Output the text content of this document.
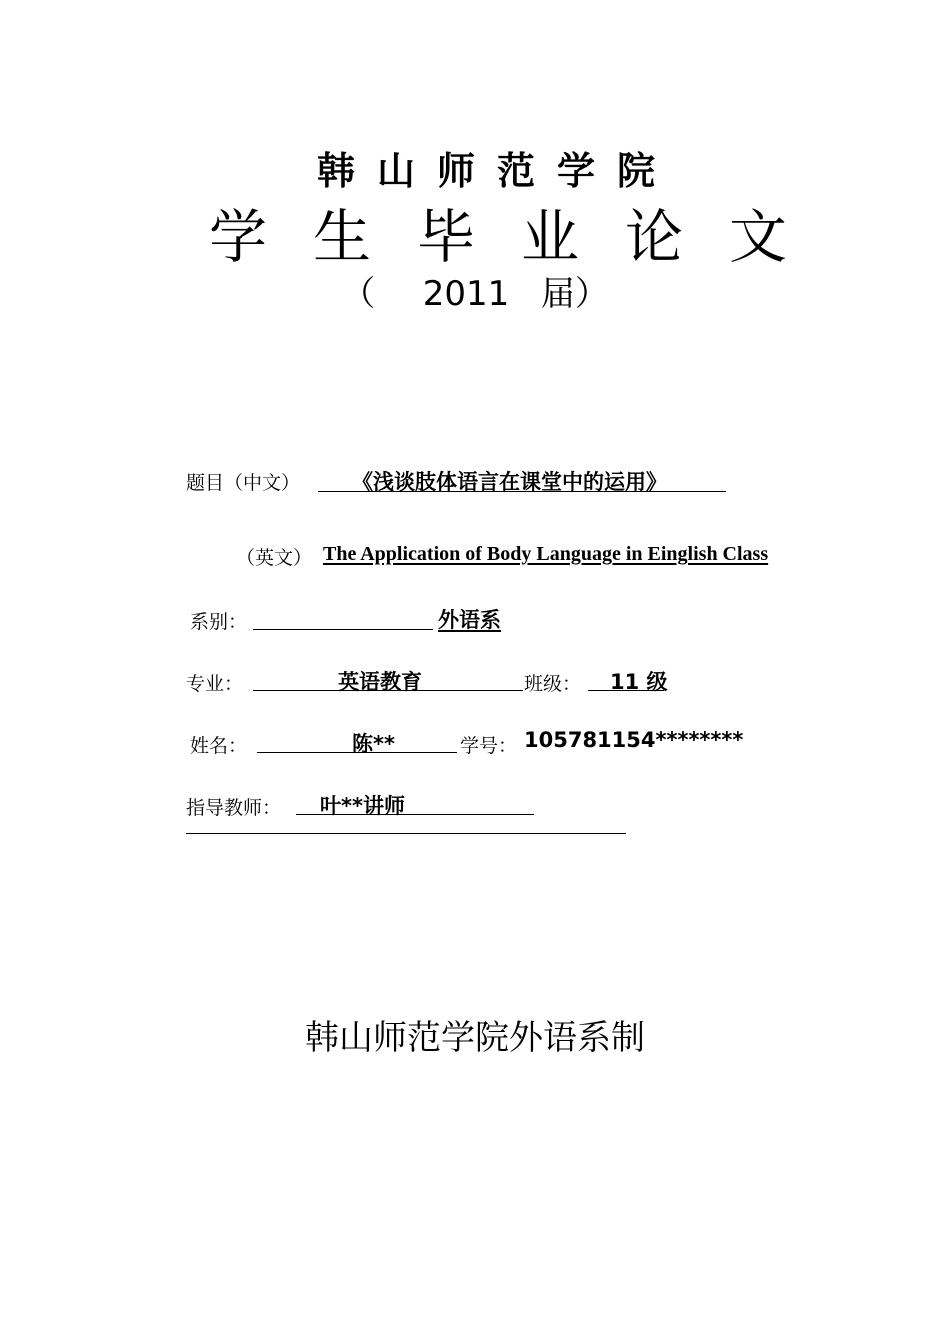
韩山师范学院
学生毕业论文
（ 2011 届）
题目（中文） 《浅谈肢体语言在课堂中的运用》
（英文） The Application of Body Language in Einglish Class
系别：	外语系
专业：	英语教育	班级： 11 级
姓名：	陈**	学号： 105781154********
指导教师： 叶**讲师
韩山师范学院外语系制
